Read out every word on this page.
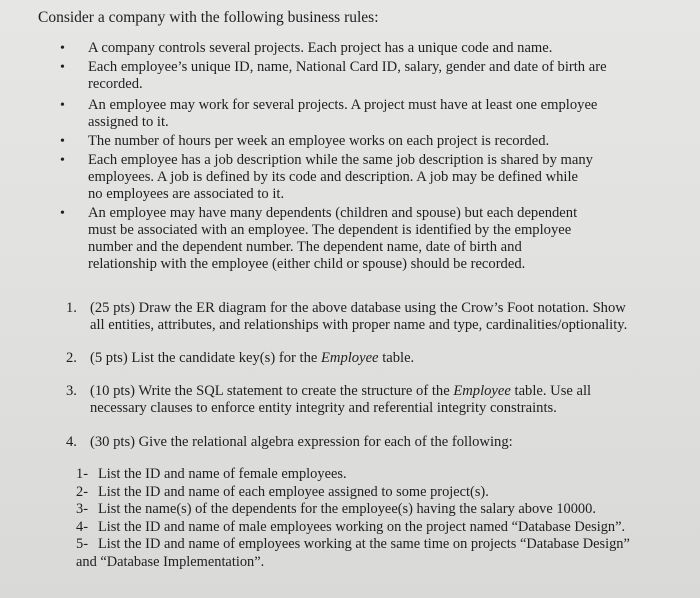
Consider a company with the following business rules:
• A company controls several projects. Each project has a unique code and name.
• Each employee’s unique ID, name, National Card ID, salary, gender and date of birth are
recorded.
• An employee may work for several projects. A project must have at least one employee
assigned to it.
• The number of hours per week an employee works on each project is recorded.
• Each employee has a job description while the same job description is shared by many
employees. A job is defined by its code and description. A job may be defined while
no employees are associated to it.
• An employee may have many dependents (children and spouse) but each dependent
must be associated with an employee. The dependent is identified by the employee
number and the dependent number. The dependent name, date of birth and
relationship with the employee (either child or spouse) should be recorded.
1. (25 pts) Draw the ER diagram for the above database using the Crow’s Foot notation. Show
all entities, attributes, and relationships with proper name and type, cardinalities/optionality.
2. (5 pts) List the candidate key(s) for the Employee table.
3. (10 pts) Write the SQL statement to create the structure of the Employee table. Use all
necessary clauses to enforce entity integrity and referential integrity constraints.
4. (30 pts) Give the relational algebra expression for each of the following:
1- List the ID and name of female employees.
2- List the ID and name of each employee assigned to some project(s).
3- List the name(s) of the dependents for the employee(s) having the salary above 10000.
4- List the ID and name of male employees working on the project named “Database Design”.
5- List the ID and name of employees working at the same time on projects “Database Design”
and “Database Implementation”.
